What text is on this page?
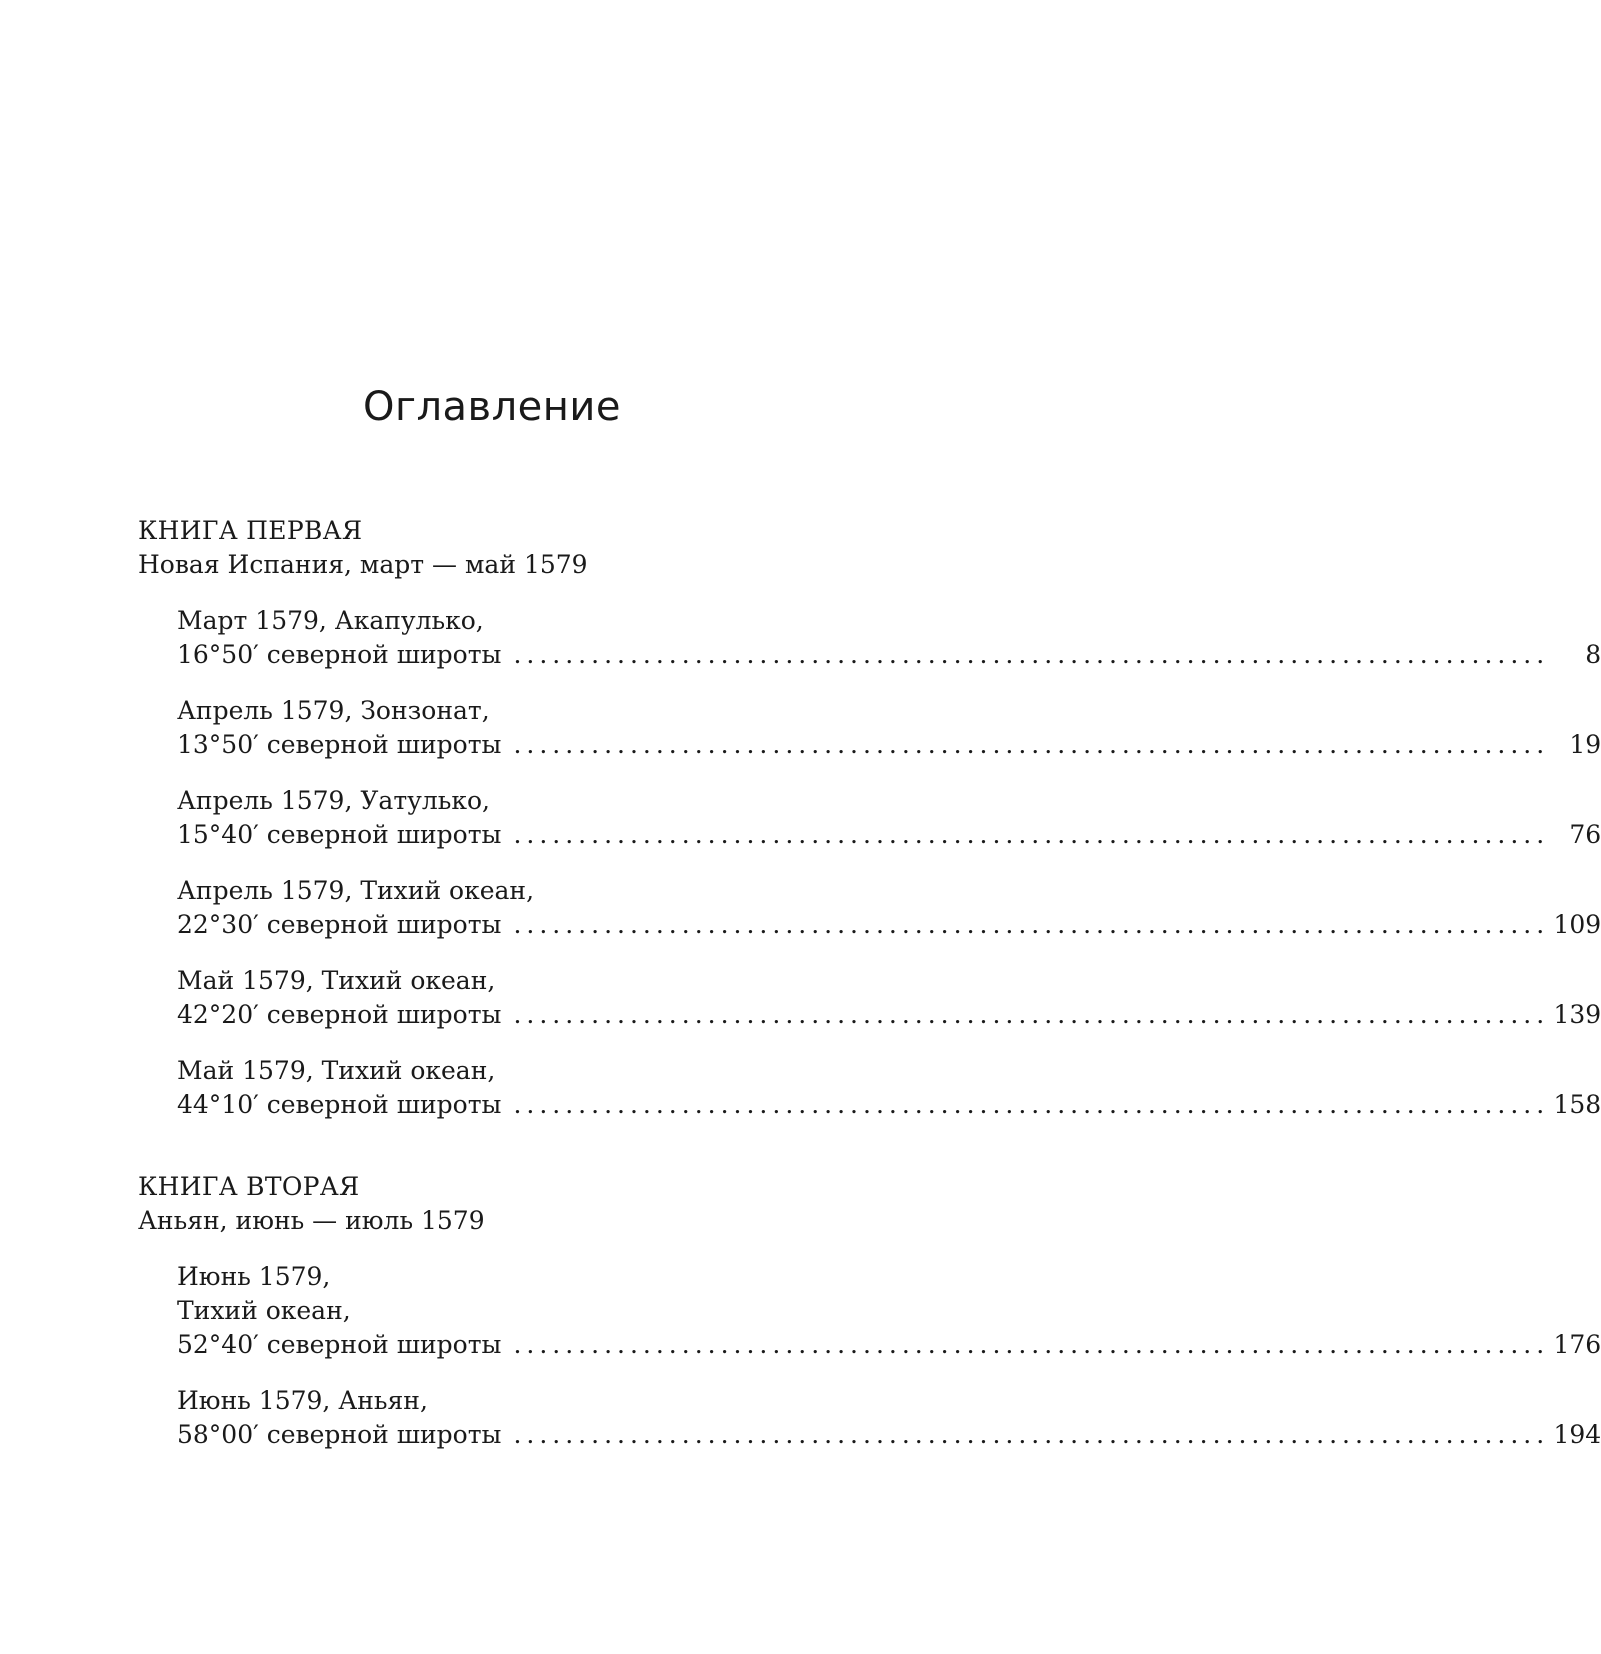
Оглавление
КНИГА ПЕРВАЯ
Новая Испания, март — май 1579
Март 1579, Акапулько,
16°50′ северной широты ................................................................................	8
Апрель 1579, Зонзонат,
13°50′ северной широты ................................................................................ 19
Апрель 1579, Уатулько,
15°40′ северной широты ................................................................................ 76
Апрель 1579, Тихий океан,
22°30′ северной широты ................................................................................ 109
Май 1579, Тихий океан,
42°20′ северной широты ................................................................................ 139
Май 1579, Тихий океан,
44°10′ северной широты ................................................................................ 158
КНИГА ВТОРАЯ
Аньян, июнь — июль 1579
Июнь 1579,
Тихий океан,
52°40′ северной широты ................................................................................ 176
Июнь 1579, Аньян,
58°00′ северной широты ................................................................................ 194
